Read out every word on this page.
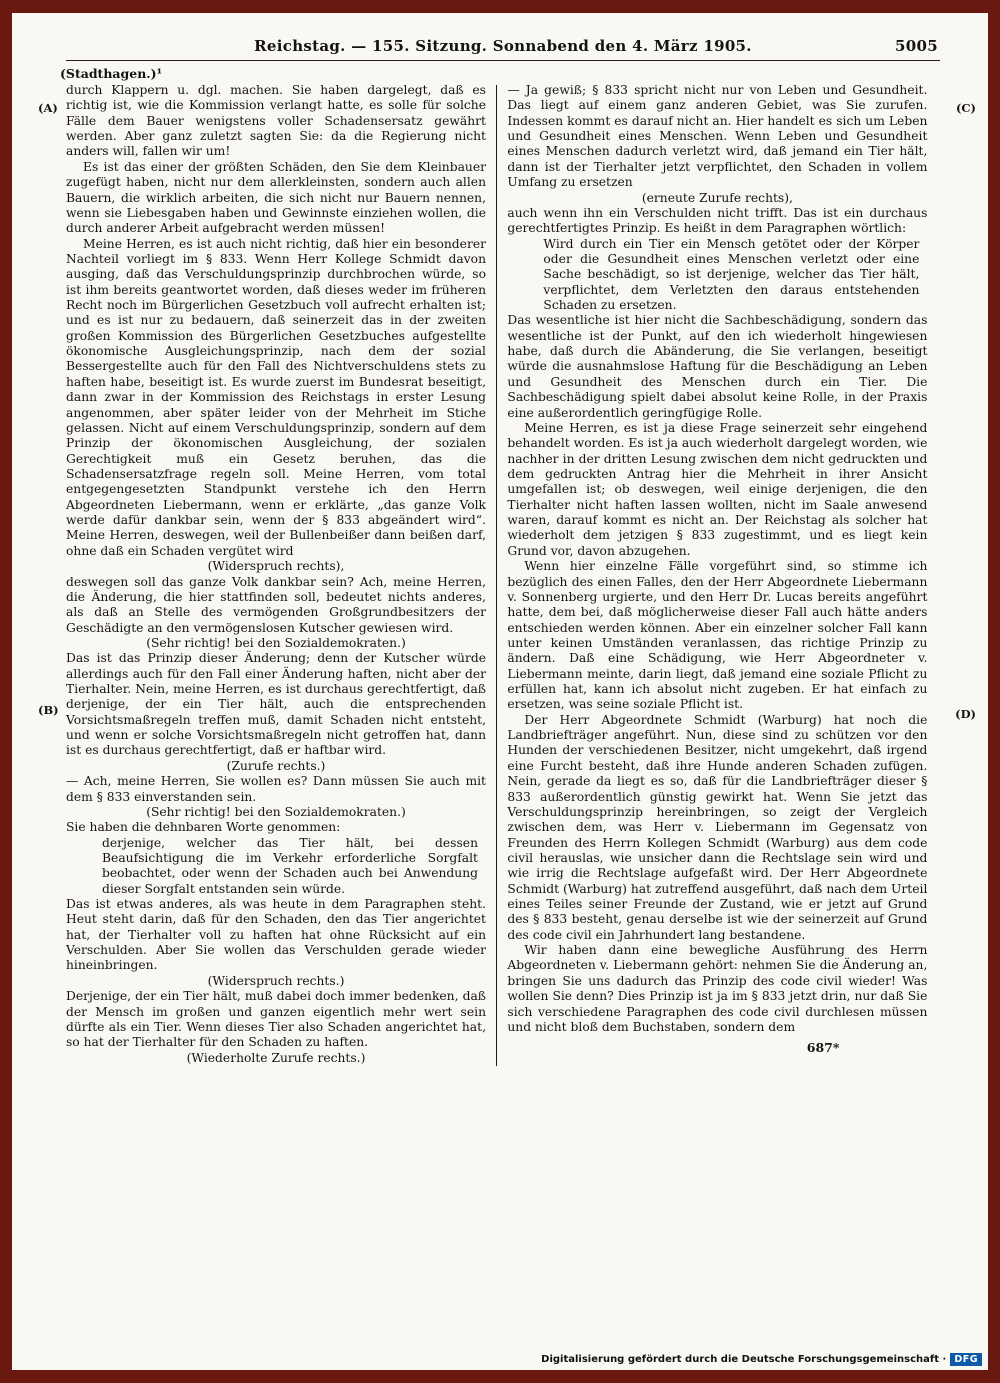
Reichstag. — 155. Sitzung. Sonnabend den 4. März 1905.	5005
(Stadthagen.)¹
(A)
(B)
(C)
(D)

durch Klappern u. dgl. machen. Sie haben dargelegt, daß es richtig ist, wie die Kommission verlangt hatte, es solle für solche Fälle dem Bauer wenigstens voller Schadensersatz gewährt werden. Aber ganz zuletzt sagten Sie: da die Regierung nicht anders will, fallen wir um!

Es ist das einer der größten Schäden, den Sie dem Kleinbauer zugefügt haben, nicht nur dem allerkleinsten, sondern auch allen Bauern, die wirklich arbeiten, die sich nicht nur Bauern nennen, wenn sie Liebesgaben haben und Gewinnste einziehen wollen, die durch anderer Arbeit aufgebracht werden müssen!

Meine Herren, es ist auch nicht richtig, daß hier ein besonderer Nachteil vorliegt im § 833. Wenn Herr Kollege Schmidt davon ausging, daß das Verschuldungsprinzip durchbrochen würde, so ist ihm bereits geantwortet worden, daß dieses weder im früheren Recht noch im Bürgerlichen Gesetzbuch voll aufrecht erhalten ist; und es ist nur zu bedauern, daß seinerzeit das in der zweiten großen Kommission des Bürgerlichen Gesetzbuches aufgestellte ökonomische Ausgleichungsprinzip, nach dem der sozial Bessergestellte auch für den Fall des Nichtverschuldens stets zu haften habe, beseitigt ist. Es wurde zuerst im Bundesrat beseitigt, dann zwar in der Kommission des Reichstags in erster Lesung angenommen, aber später leider von der Mehrheit im Stiche gelassen. Nicht auf einem Verschuldungsprinzip, sondern auf dem Prinzip der ökonomischen Ausgleichung, der sozialen Gerechtigkeit muß ein Gesetz beruhen, das die Schadensersatzfrage regeln soll. Meine Herren, vom total entgegengesetzten Standpunkt verstehe ich den Herrn Abgeordneten Liebermann, wenn er erklärte, „das ganze Volk werde dafür dankbar sein, wenn der § 833 abgeändert wird“. Meine Herren, deswegen, weil der Bullenbeißer dann beißen darf, ohne daß ein Schaden vergütet wird

(Widerspruch rechts),

deswegen soll das ganze Volk dankbar sein? Ach, meine Herren, die Änderung, die hier stattfinden soll, bedeutet nichts anderes, als daß an Stelle des vermögenden Großgrundbesitzers der Geschädigte an den vermögenslosen Kutscher gewiesen wird.

(Sehr richtig! bei den Sozialdemokraten.)

Das ist das Prinzip dieser Änderung; denn der Kutscher würde allerdings auch für den Fall einer Änderung haften, nicht aber der Tierhalter. Nein, meine Herren, es ist durchaus gerechtfertigt, daß derjenige, der ein Tier hält, auch die entsprechenden Vorsichtsmaßregeln treffen muß, damit Schaden nicht entsteht, und wenn er solche Vorsichtsmaßregeln nicht getroffen hat, dann ist es durchaus gerechtfertigt, daß er haftbar wird.

(Zurufe rechts.)

— Ach, meine Herren, Sie wollen es? Dann müssen Sie auch mit dem § 833 einverstanden sein.

(Sehr richtig! bei den Sozialdemokraten.)

Sie haben die dehnbaren Worte genommen:

derjenige, welcher das Tier hält, bei dessen Beaufsichtigung die im Verkehr erforderliche Sorgfalt beobachtet, oder wenn der Schaden auch bei Anwendung dieser Sorgfalt entstanden sein würde.

Das ist etwas anderes, als was heute in dem Paragraphen steht. Heut steht darin, daß für den Schaden, den das Tier angerichtet hat, der Tierhalter voll zu haften hat ohne Rücksicht auf ein Verschulden. Aber Sie wollen das Verschulden gerade wieder hineinbringen.

(Widerspruch rechts.)

Derjenige, der ein Tier hält, muß dabei doch immer bedenken, daß der Mensch im großen und ganzen eigentlich mehr wert sein dürfte als ein Tier. Wenn dieses Tier also Schaden angerichtet hat, so hat der Tierhalter für den Schaden zu haften.

(Wiederholte Zurufe rechts.)

— Ja gewiß; § 833 spricht nicht nur von Leben und Gesundheit. Das liegt auf einem ganz anderen Gebiet, was Sie zurufen. Indessen kommt es darauf nicht an. Hier handelt es sich um Leben und Gesundheit eines Menschen. Wenn Leben und Gesundheit eines Menschen dadurch verletzt wird, daß jemand ein Tier hält, dann ist der Tierhalter jetzt verpflichtet, den Schaden in vollem Umfang zu ersetzen

(erneute Zurufe rechts),

auch wenn ihn ein Verschulden nicht trifft. Das ist ein durchaus gerechtfertigtes Prinzip. Es heißt in dem Paragraphen wörtlich:

Wird durch ein Tier ein Mensch getötet oder der Körper oder die Gesundheit eines Menschen verletzt oder eine Sache beschädigt, so ist derjenige, welcher das Tier hält, verpflichtet, dem Verletzten den daraus entstehenden Schaden zu ersetzen.

Das wesentliche ist hier nicht die Sachbeschädigung, sondern das wesentliche ist der Punkt, auf den ich wiederholt hingewiesen habe, daß durch die Abänderung, die Sie verlangen, beseitigt würde die ausnahmslose Haftung für die Beschädigung an Leben und Gesundheit des Menschen durch ein Tier. Die Sachbeschädigung spielt dabei absolut keine Rolle, in der Praxis eine außerordentlich geringfügige Rolle.

Meine Herren, es ist ja diese Frage seinerzeit sehr eingehend behandelt worden. Es ist ja auch wiederholt dargelegt worden, wie nachher in der dritten Lesung zwischen dem nicht gedruckten und dem gedruckten Antrag hier die Mehrheit in ihrer Ansicht umgefallen ist; ob deswegen, weil einige derjenigen, die den Tierhalter nicht haften lassen wollten, nicht im Saale anwesend waren, darauf kommt es nicht an. Der Reichstag als solcher hat wiederholt dem jetzigen § 833 zugestimmt, und es liegt kein Grund vor, davon abzugehen.

Wenn hier einzelne Fälle vorgeführt sind, so stimme ich bezüglich des einen Falles, den der Herr Abgeordnete Liebermann v. Sonnenberg urgierte, und den Herr Dr. Lucas bereits angeführt hatte, dem bei, daß möglicherweise dieser Fall auch hätte anders entschieden werden können. Aber ein einzelner solcher Fall kann unter keinen Umständen veranlassen, das richtige Prinzip zu ändern. Daß eine Schädigung, wie Herr Abgeordneter v. Liebermann meinte, darin liegt, daß jemand eine soziale Pflicht zu erfüllen hat, kann ich absolut nicht zugeben. Er hat einfach zu ersetzen, was seine soziale Pflicht ist.

Der Herr Abgeordnete Schmidt (Warburg) hat noch die Landbriefträger angeführt. Nun, diese sind zu schützen vor den Hunden der verschiedenen Besitzer, nicht umgekehrt, daß irgend eine Furcht besteht, daß ihre Hunde anderen Schaden zufügen. Nein, gerade da liegt es so, daß für die Landbriefträger dieser § 833 außerordentlich günstig gewirkt hat. Wenn Sie jetzt das Verschuldungsprinzip hereinbringen, so zeigt der Vergleich zwischen dem, was Herr v. Liebermann im Gegensatz von Freunden des Herrn Kollegen Schmidt (Warburg) aus dem code civil herauslas, wie unsicher dann die Rechtslage sein wird und wie irrig die Rechtslage aufgefaßt wird. Der Herr Abgeordnete Schmidt (Warburg) hat zutreffend ausgeführt, daß nach dem Urteil eines Teiles seiner Freunde der Zustand, wie er jetzt auf Grund des § 833 besteht, genau derselbe ist wie der seinerzeit auf Grund des code civil ein Jahrhundert lang bestandene.

Wir haben dann eine bewegliche Ausführung des Herrn Abgeordneten v. Liebermann gehört: nehmen Sie die Änderung an, bringen Sie uns dadurch das Prinzip des code civil wieder! Was wollen Sie denn? Dies Prinzip ist ja im § 833 jetzt drin, nur daß Sie sich verschiedene Paragraphen des code civil durchlesen müssen und nicht bloß dem Buchstaben, sondern dem

687*

Digitalisierung gefördert durch die Deutsche Forschungsgemeinschaft · DFG
